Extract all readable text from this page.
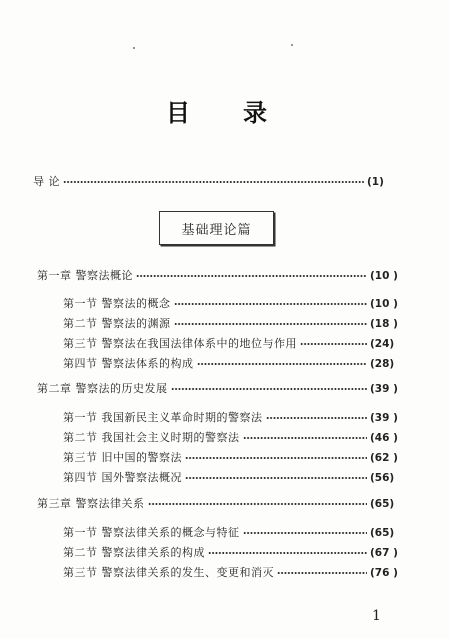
目 录
导 论	(1)
基础理论篇
第一章 警察法概论	(10 )
第一节 警察法的概念	(10 )
第二节 警察法的渊源	(18 )
第三节 警察法在我国法律体系中的地位与作用	(24)
第四节 警察法体系的构成	(28)
第二章 警察法的历史发展	(39 )
第一节 我国新民主义革命时期的警察法	(39 )
第二节 我国社会主义时期的警察法	(46 )
第三节 旧中国的警察法	(62 )
第四节 国外警察法概况	(56)
第三章 警察法律关系	(65)
第一节 警察法律关系的概念与特征	(65)
第二节 警察法律关系的构成	(67 )
第三节 警察法律关系的发生、变更和消灭	(76 )
1
